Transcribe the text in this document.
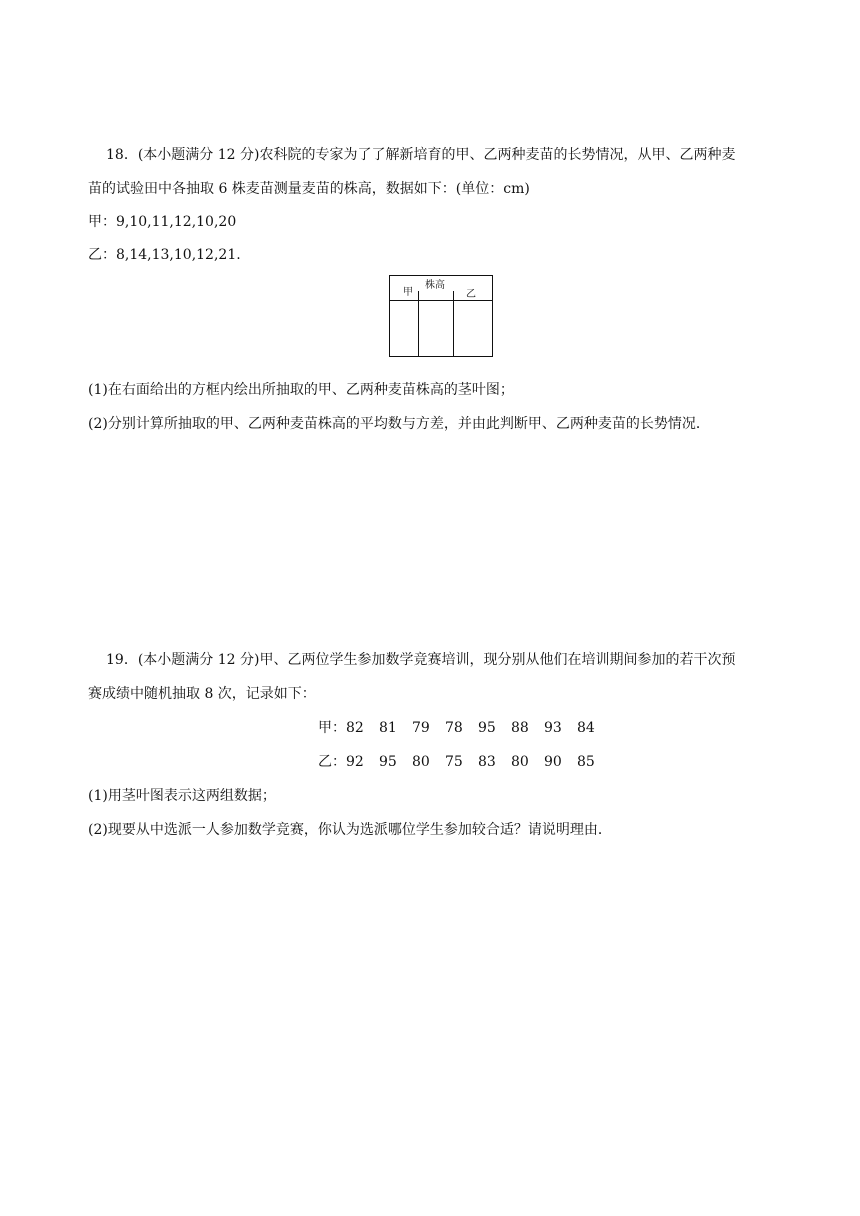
18．(本小题满分 12 分)农科院的专家为了了解新培育的甲、乙两种麦苗的长势情况，从甲、乙两种麦
苗的试验田中各抽取 6 株麦苗测量麦苗的株高，数据如下：(单位：cm)
甲：9,10,11,12,10,20
乙：8,14,13,10,12,21.
甲
株高
乙
(1)在右面给出的方框内绘出所抽取的甲、乙两种麦苗株高的茎叶图；
(2)分别计算所抽取的甲、乙两种麦苗株高的平均数与方差，并由此判断甲、乙两种麦苗的长势情况．
19．(本小题满分 12 分)甲、乙两位学生参加数学竞赛培训，现分别从他们在培训期间参加的若干次预
赛成绩中随机抽取 8 次，记录如下：
甲：82 81 79 78 95 88 93 84
乙：92 95 80 75 83 80 90 85
(1)用茎叶图表示这两组数据；
(2)现要从中选派一人参加数学竞赛，你认为选派哪位学生参加较合适？请说明理由．
